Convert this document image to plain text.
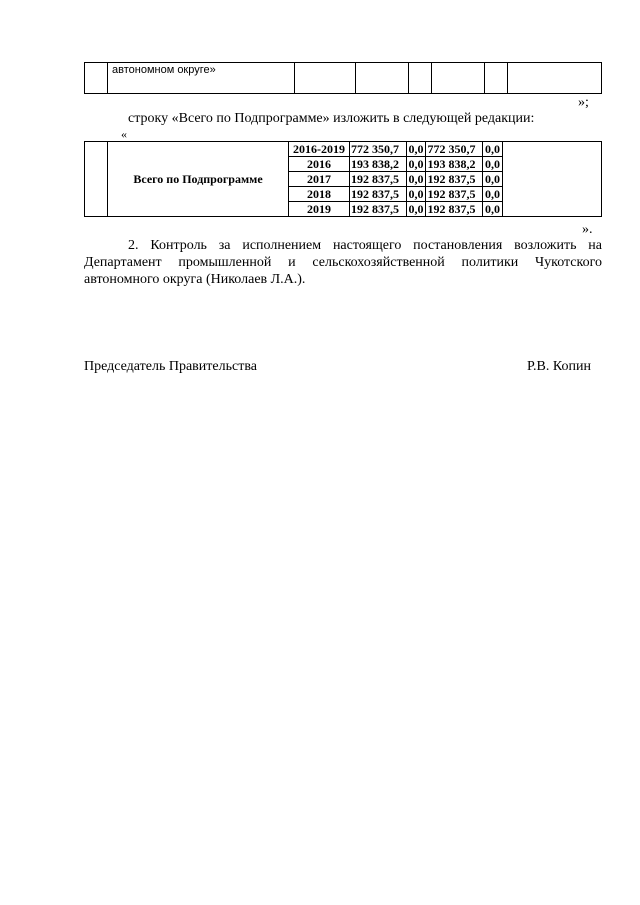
	автономном округе»						
»;
строку «Всего по Подпрограмме» изложить в следующей редакции:
«
	Всего по Подпрограмме	2016-2019	772 350,7	0,0	772 350,7	0,0	
		2016	193 838,2	0,0	193 838,2	0,0	
		2017	192 837,5	0,0	192 837,5	0,0	
		2018	192 837,5	0,0	192 837,5	0,0	
		2019	192 837,5	0,0	192 837,5	0,0	
».
2. Контроль за исполнением настоящего постановления возложить на
Департамент промышленной и сельскохозяйственной политики Чукотского
автономного округа (Николаев Л.А.).
Председатель Правительства	Р.В. Копин
